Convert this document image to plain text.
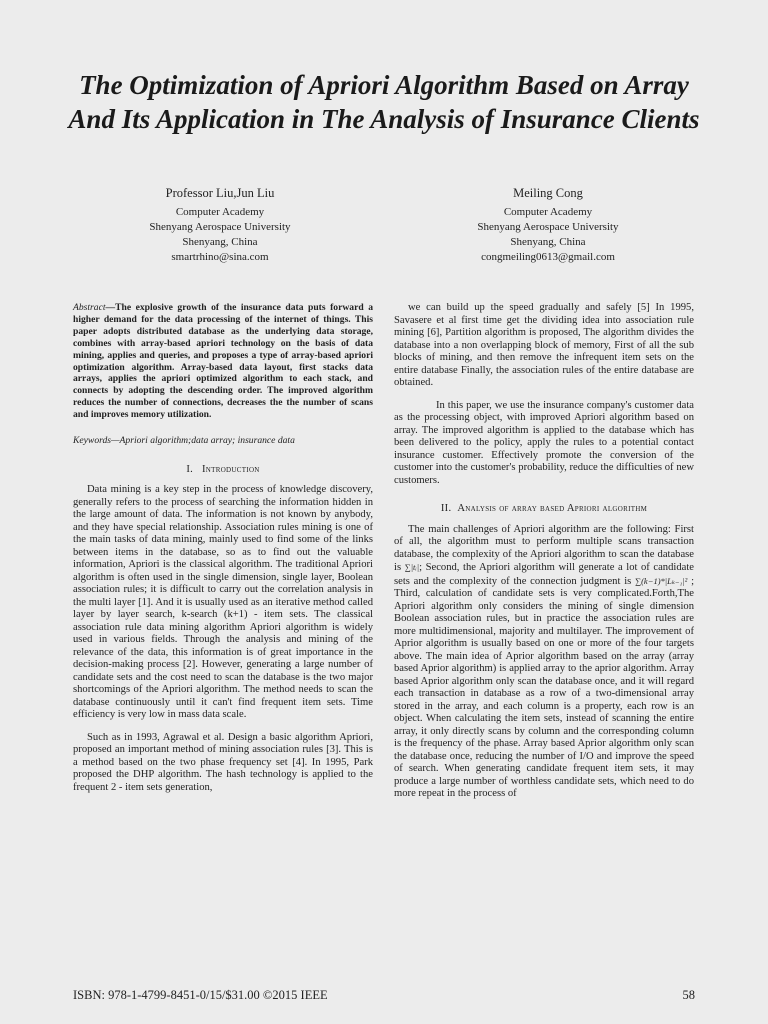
The Optimization of Apriori Algorithm Based on Array And Its Application in The Analysis of Insurance Clients
Professor Liu,Jun Liu
Computer Academy
Shenyang Aerospace University
Shenyang, China
smartrhino@sina.com
Meiling Cong
Computer Academy
Shenyang Aerospace University
Shenyang, China
congmeiling0613@gmail.com
Abstract—The explosive growth of the insurance data puts forward a higher demand for the data processing of the internet of things. This paper adopts distributed database as the underlying data storage, combines with array-based apriori technology on the basis of data mining, applies and queries, and proposes a type of array-based apriori optimization algorithm. Array-based data layout, first stacks data arrays, applies the apriori optimized algorithm to each stack, and connects by adopting the descending order. The improved algorithm reduces the number of connections, decreases the the number of scans and improves memory utilization.
Keywords—Apriori algorithm;data array; insurance data
I. Introduction

Data mining is a key step in the process of knowledge discovery, generally refers to the process of searching the information hidden in the large amount of data. The information is not known by anybody, and they have special relationship. Association rules mining is one of the main tasks of data mining, mainly used to find some of the links between items in the database, so as to find out the valuable information, Apriori is the classical algorithm. The traditional Apriori algorithm is often used in the single dimension, single layer, Boolean association rules; it is difficult to carry out the correlation analysis in the multi layer [1]. And it is usually used as an iterative method called layer by layer search, k-search (k+1) - item sets. The classical association rule data mining algorithm Apriori algorithm is widely used in various fields. Through the analysis and mining of the relevance of the data, this information is of great importance in the decision-making process [2]. However, generating a large number of candidate sets and the cost need to scan the database is the two major shortcomings of the Apriori algorithm. The method needs to scan the database continuously until it can't find frequent item sets. Time efficiency is very low in mass data scale.

Such as in 1993, Agrawal et al. Design a basic algorithm Apriori, proposed an important method of mining association rules [3]. This is a method based on the two phase frequency set [4]. In 1995, Park proposed the DHP algorithm. The hash technology is applied to the frequent 2 - item sets generation,

we can build up the speed gradually and safely [5] In 1995, Savasere et al first time get the dividing idea into association rule mining [6], Partition algorithm is proposed, The algorithm divides the database into a non overlapping block of memory, First of all the sub blocks of mining, and then remove the infrequent item sets on the entire database Finally, the association rules of the entire database are obtained.

In this paper, we use the insurance company's customer data as the processing object, with improved Apriori algorithm based on array. The improved algorithm is applied to the database which has been delivered to the policy, apply the rules to a potential contact insurance customer. Effectively promote the conversion of the customer into the customer's probability, reduce the difficulties of new customers.

II. Analysis of array based Apriori algorithm

The main challenges of Apriori algorithm are the following: First of all, the algorithm must to perform multiple scans transaction database, the complexity of the Apriori algorithm to scan the database is ∑|tᵢ|; Second, the Apriori algorithm will generate a lot of candidate sets and the complexity of the connection judgment is ∑(k−1)*|Lₖ₋₁|² ; Third, calculation of candidate sets is very complicated.Forth,The Apriori algorithm only considers the mining of single dimension Boolean association rules, but in practice the association rules are more multidimensional, majority and multilayer. The improvement of Aprior algorithm is usually based on one or more of the four targets above. The main idea of Aprior algorithm based on the array (array based Aprior algorithm) is applied array to the aprior algorithm. Array based Aprior algorithm only scan the database once, and it will regard each transaction in database as a row of a two-dimensional array stored in the array, and each column is a property, each row is an object. When calculating the item sets, instead of scanning the entire array, it only directly scans by column and the corresponding column is the frequency of the phase. Array based Aprior algorithm only scan the database once, reducing the number of I/O and improve the speed of search. When generating candidate frequent item sets, it may produce a large number of worthless candidate sets, which need to do more repeat in the process of

ISBN: 978-1-4799-8451-0/15/$31.00 ©2015 IEEE	58
